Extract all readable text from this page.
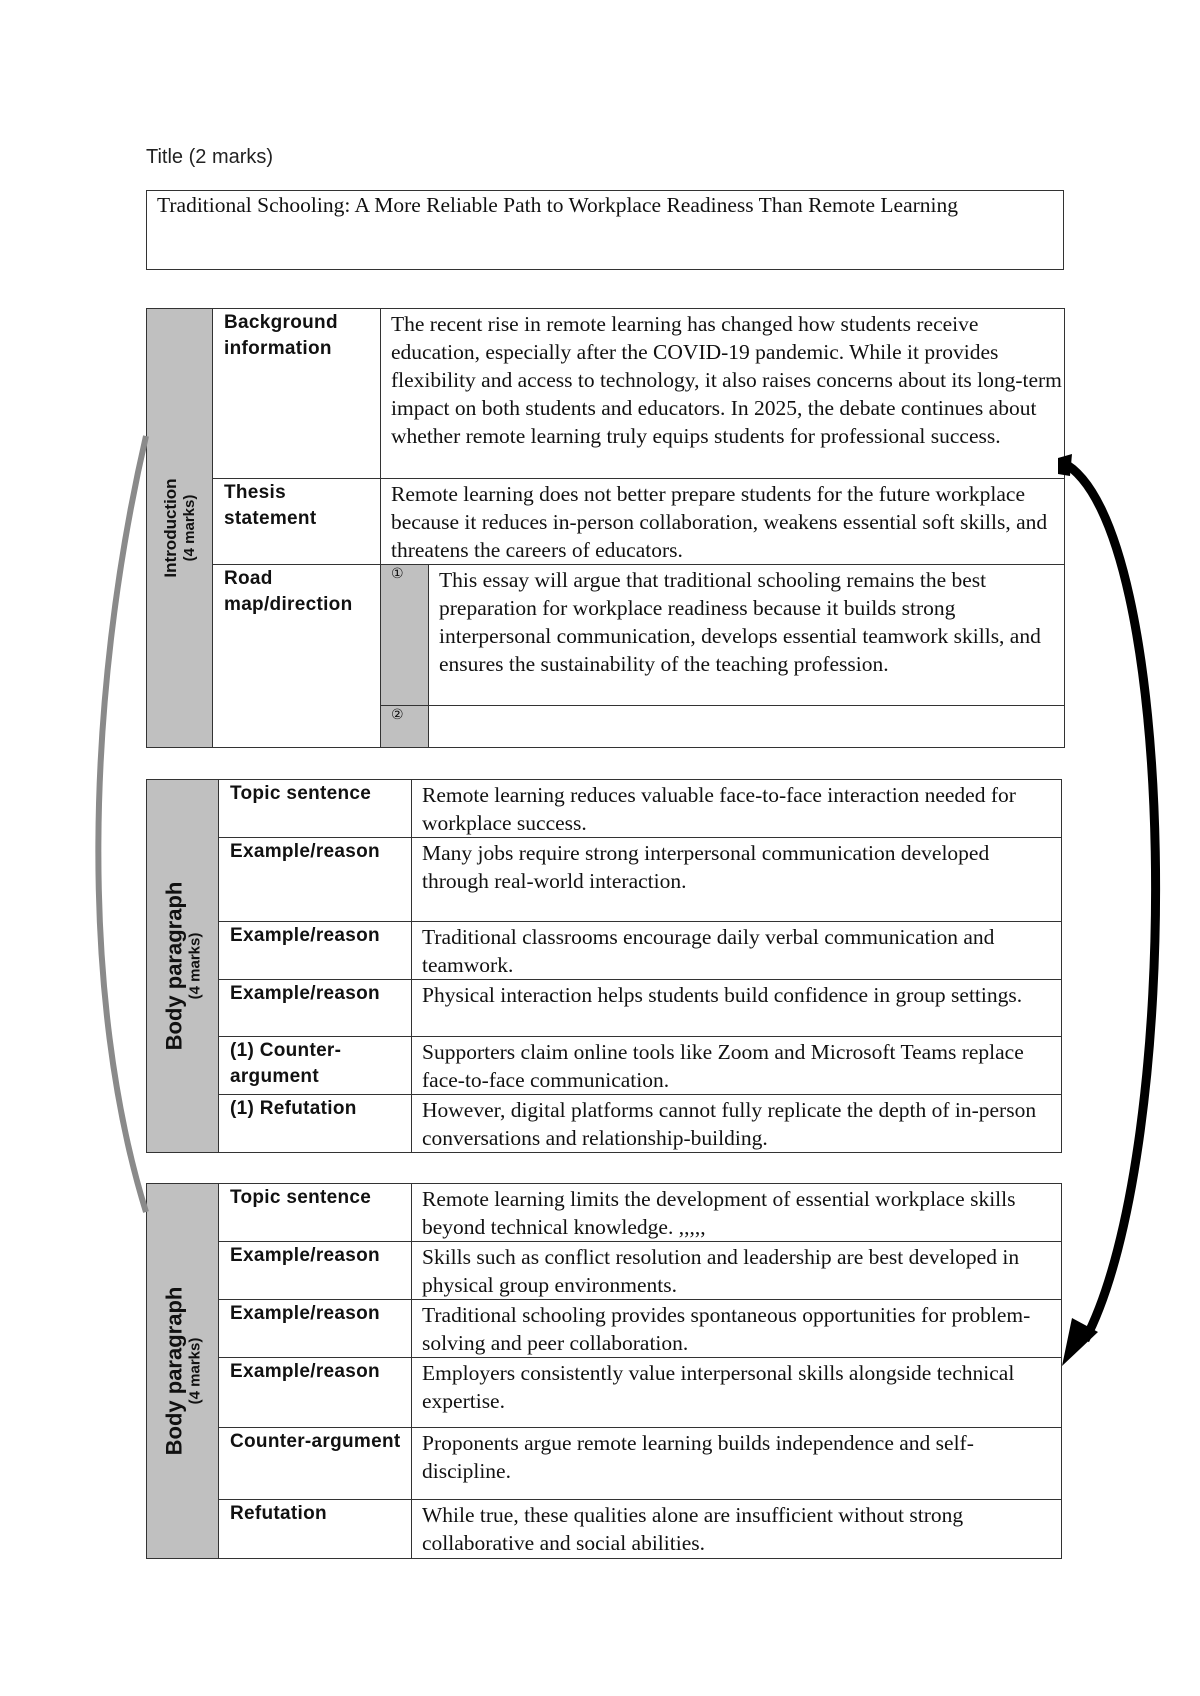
Title (2 marks)
Traditional Schooling: A More Reliable Path to Workplace Readiness Than Remote Learning
Introduction (4 marks)	Background information	The recent rise in remote learning has changed how students receive education, especially after the COVID-19 pandemic. While it provides flexibility and access to technology, it also raises concerns about its long-term impact on both students and educators. In 2025, the debate continues about whether remote learning truly equips students for professional success.	
	Thesis statement	Remote learning does not better prepare students for the future workplace because it reduces in-person collaboration, weakens essential soft skills, and threatens the careers of educators.	
	Road map/direction	①	This essay will argue that traditional schooling remains the best preparation for workplace readiness because it builds strong interpersonal communication, develops essential teamwork skills, and ensures the sustainability of the teaching profession.
		②	
Body paragraph (4 marks)	Topic sentence	Remote learning reduces valuable face-to-face interaction needed for workplace success.
	Example/reason	Many jobs require strong interpersonal communication developed through real-world interaction.
	Example/reason	Traditional classrooms encourage daily verbal communication and teamwork.
	Example/reason	Physical interaction helps students build confidence in group settings.
	(1) Counter-argument	Supporters claim online tools like Zoom and Microsoft Teams replace face-to-face communication.
	(1) Refutation	However, digital platforms cannot fully replicate the depth of in-person conversations and relationship-building.
Body paragraph (4 marks)	Topic sentence	Remote learning limits the development of essential workplace skills beyond technical knowledge. ,,,,,
	Example/reason	Skills such as conflict resolution and leadership are best developed in physical group environments.
	Example/reason	Traditional schooling provides spontaneous opportunities for problem-solving and peer collaboration.
	Example/reason	Employers consistently value interpersonal skills alongside technical expertise.
	Counter-argument	Proponents argue remote learning builds independence and self-discipline.
	Refutation	While true, these qualities alone are insufficient without strong collaborative and social abilities.
